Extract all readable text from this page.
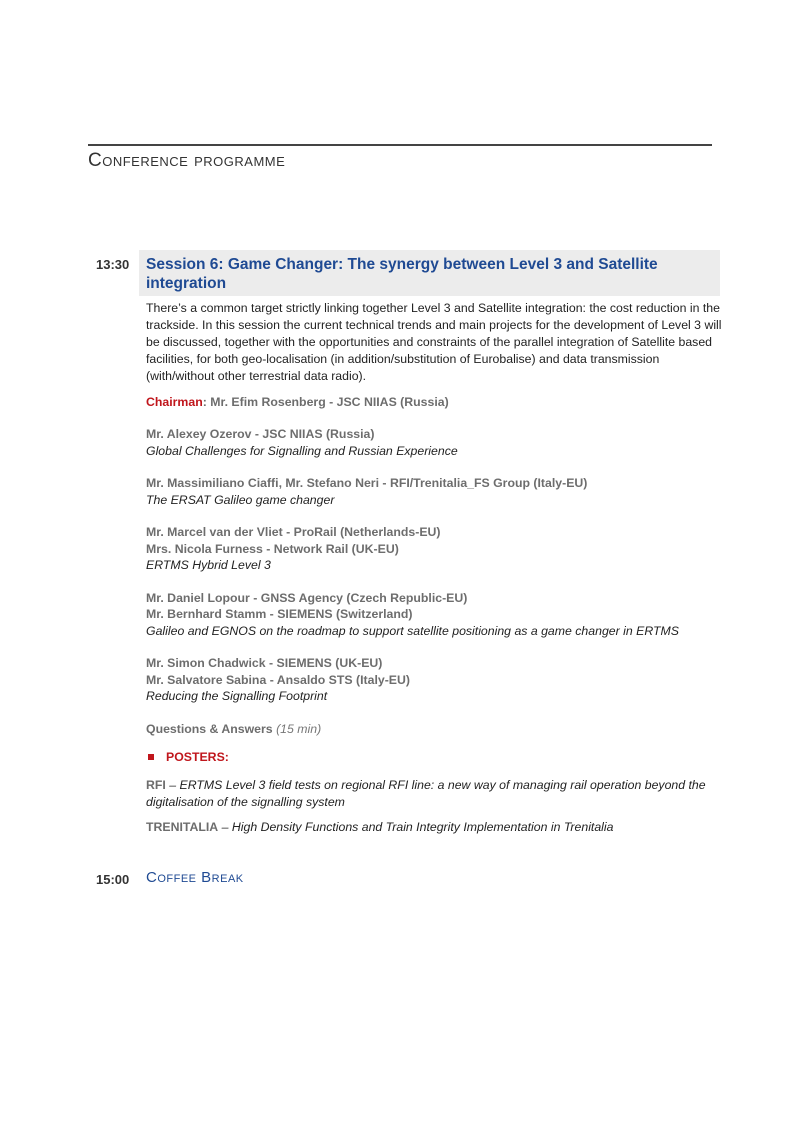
Conference programme
13:30	Session 6: Game Changer: The synergy between Level 3 and Satellite integration

There’s a common target strictly linking together Level 3 and Satellite integration: the cost reduction in the trackside. In this session the current technical trends and main projects for the development of Level 3 will be discussed, together with the opportunities and constraints of the parallel integration of Satellite based facilities, for both geo-localisation (in addition/substitution of Eurobalise) and data transmission (with/without other terrestrial data radio).

Chairman: Mr. Efim Rosenberg - JSC NIIAS (Russia)
Mr. Alexey Ozerov - JSC NIIAS (Russia)
Global Challenges for Signalling and Russian Experience
Mr. Massimiliano Ciaffi, Mr. Stefano Neri - RFI/Trenitalia_FS Group (Italy-EU)
The ERSAT Galileo game changer
Mr. Marcel van der Vliet - ProRail (Netherlands-EU)
Mrs. Nicola Furness - Network Rail (UK-EU)
ERTMS Hybrid Level 3
Mr. Daniel Lopour - GNSS Agency (Czech Republic-EU)
Mr. Bernhard Stamm - SIEMENS (Switzerland)
Galileo and EGNOS on the roadmap to support satellite positioning as a game changer in ERTMS
Mr. Simon Chadwick - SIEMENS (UK-EU)
Mr. Salvatore Sabina - Ansaldo STS (Italy-EU)
Reducing the Signalling Footprint
Questions & Answers (15 min)
POSTERS:
RFI – ERTMS Level 3 field tests on regional RFI line: a new way of managing rail operation beyond the digitalisation of the signalling system
TRENITALIA – High Density Functions and Train Integrity Implementation in Trenitalia
15:00	Coffee Break
